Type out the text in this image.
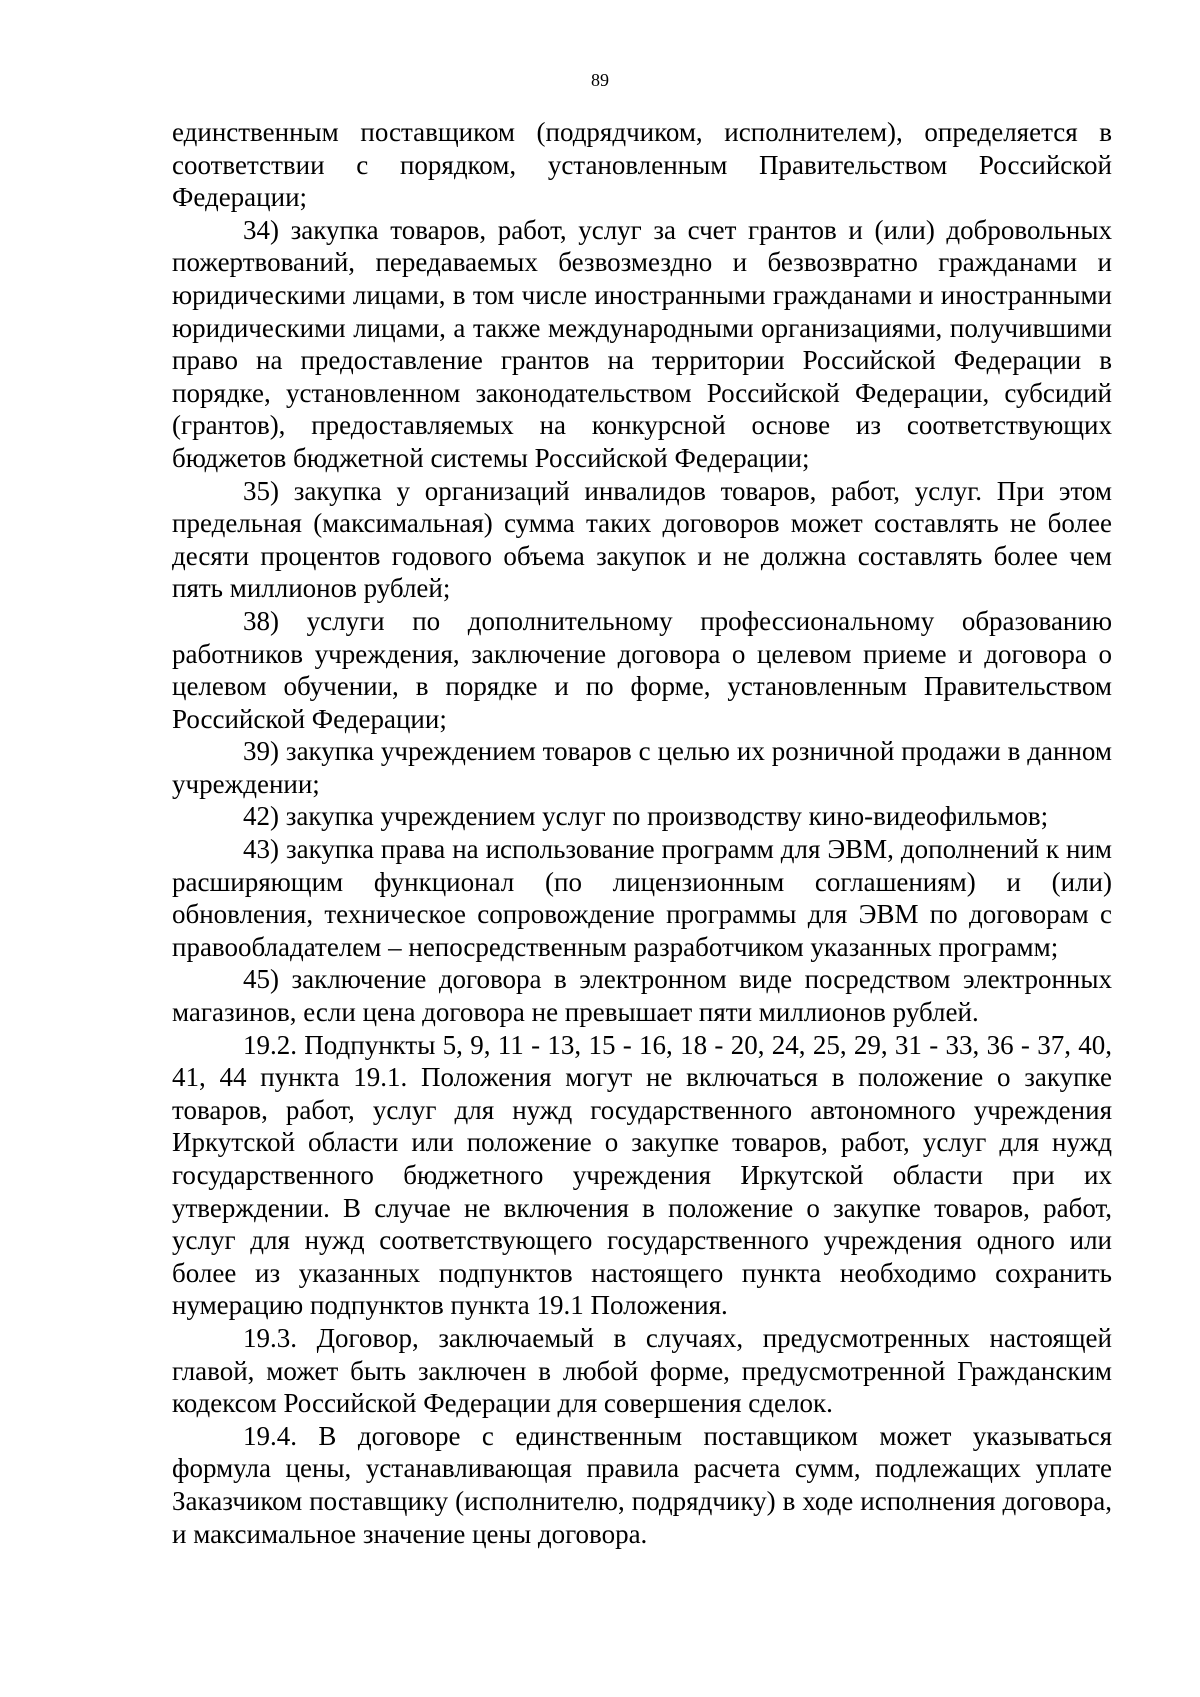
89

единственным поставщиком (подрядчиком, исполнителем), определяется в соответствии с порядком, установленным Правительством Российской Федерации;

34) закупка товаров, работ, услуг за счет грантов и (или) добровольных пожертвований, передаваемых безвозмездно и безвозвратно гражданами и юридическими лицами, в том числе иностранными гражданами и иностранными юридическими лицами, а также международными организациями, получившими право на предоставление грантов на территории Российской Федерации в порядке, установленном законодательством Российской Федерации, субсидий (грантов), предоставляемых на конкурсной основе из соответствующих бюджетов бюджетной системы Российской Федерации;

35) закупка у организаций инвалидов товаров, работ, услуг. При этом предельная (максимальная) сумма таких договоров может составлять не более десяти процентов годового объема закупок и не должна составлять более чем пять миллионов рублей;

38) услуги по дополнительному профессиональному образованию работников учреждения, заключение договора о целевом приеме и договора о целевом обучении, в порядке и по форме, установленным Правительством Российской Федерации;

39) закупка учреждением товаров с целью их розничной продажи в данном учреждении;

42) закупка учреждением услуг по производству кино-видеофильмов;

43) закупка права на использование программ для ЭВМ, дополнений к ним расширяющим функционал (по лицензионным соглашениям) и (или) обновления, техническое сопровождение программы для ЭВМ по договорам с правообладателем – непосредственным разработчиком указанных программ;

45) заключение договора в электронном виде посредством электронных магазинов, если цена договора не превышает пяти миллионов рублей.

19.2. Подпункты 5, 9, 11 - 13, 15 - 16, 18 - 20, 24, 25, 29, 31 - 33, 36 - 37, 40, 41, 44 пункта 19.1. Положения могут не включаться в положение о закупке товаров, работ, услуг для нужд государственного автономного учреждения Иркутской области или положение о закупке товаров, работ, услуг для нужд государственного бюджетного учреждения Иркутской области при их утверждении. В случае не включения в положение о закупке товаров, работ, услуг для нужд соответствующего государственного учреждения одного или более из указанных подпунктов настоящего пункта необходимо сохранить нумерацию подпунктов пункта 19.1 Положения.

19.3. Договор, заключаемый в случаях, предусмотренных настоящей главой, может быть заключен в любой форме, предусмотренной Гражданским кодексом Российской Федерации для совершения сделок.

19.4. В договоре с единственным поставщиком может указываться формула цены, устанавливающая правила расчета сумм, подлежащих уплате Заказчиком поставщику (исполнителю, подрядчику) в ходе исполнения договора, и максимальное значение цены договора.
